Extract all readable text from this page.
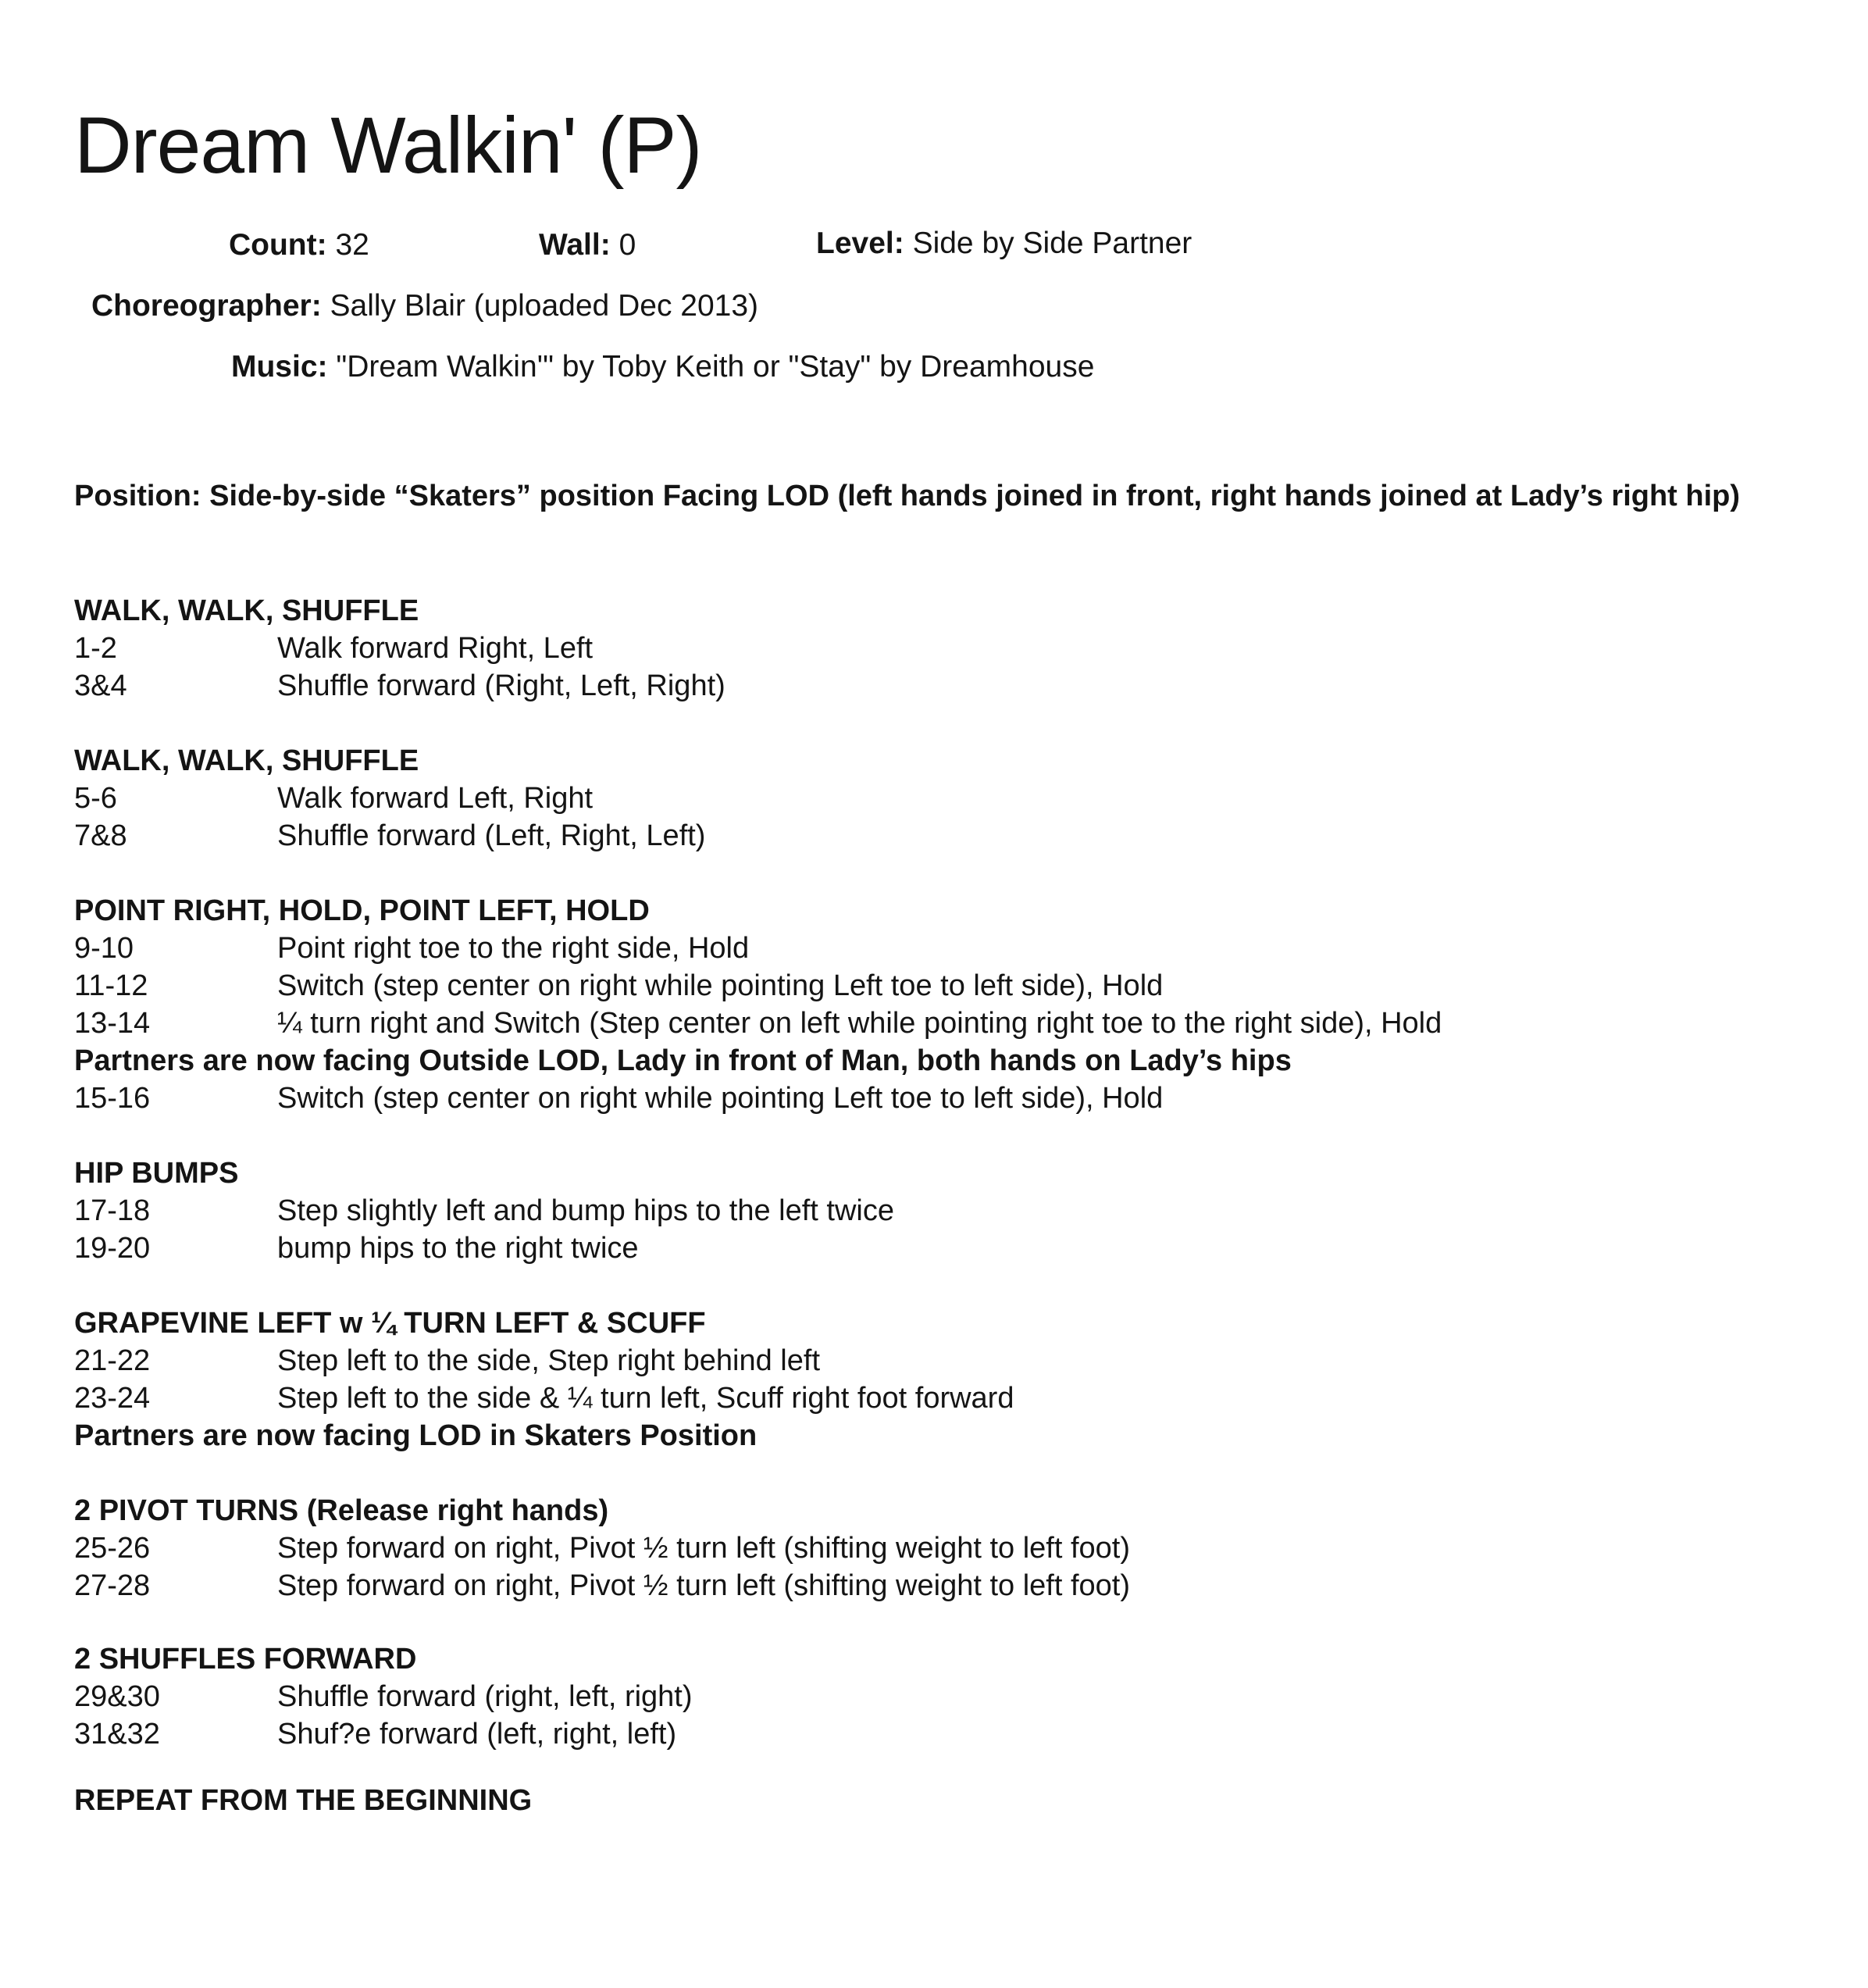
Dream Walkin' (P)
Count: 32	Wall: 0	Level: Side by Side Partner
Choreographer: Sally Blair (uploaded Dec 2013)
Music: "Dream Walkin'" by Toby Keith or "Stay" by Dreamhouse
Position: Side-by-side “Skaters” position Facing LOD (left hands joined in front, right hands joined at Lady’s right hip)
WALK, WALK, SHUFFLE
1-2	Walk forward Right, Left
3&4	Shuffle forward (Right, Left, Right)
WALK, WALK, SHUFFLE
5-6	Walk forward Left, Right
7&8	Shuffle forward (Left, Right, Left)
POINT RIGHT, HOLD, POINT LEFT, HOLD
9-10	Point right toe to the right side, Hold
11-12	Switch (step center on right while pointing Left toe to left side), Hold
13-14	¼ turn right and Switch (Step center on left while pointing right toe to the right side), Hold
Partners are now facing Outside LOD, Lady in front of Man, both hands on Lady’s hips
15-16	Switch (step center on right while pointing Left toe to left side), Hold
HIP BUMPS
17-18	Step slightly left and bump hips to the left twice
19-20	bump hips to the right twice
GRAPEVINE LEFT w ¼ TURN LEFT & SCUFF
21-22	Step left to the side, Step right behind left
23-24	Step left to the side & ¼ turn left, Scuff right foot forward
Partners are now facing LOD in Skaters Position
2 PIVOT TURNS (Release right hands)
25-26	Step forward on right, Pivot ½ turn left (shifting weight to left foot)
27-28	Step forward on right, Pivot ½ turn left (shifting weight to left foot)
2 SHUFFLES FORWARD
29&30	Shuffle forward (right, left, right)
31&32	Shuf?e forward (left, right, left)
REPEAT FROM THE BEGINNING
